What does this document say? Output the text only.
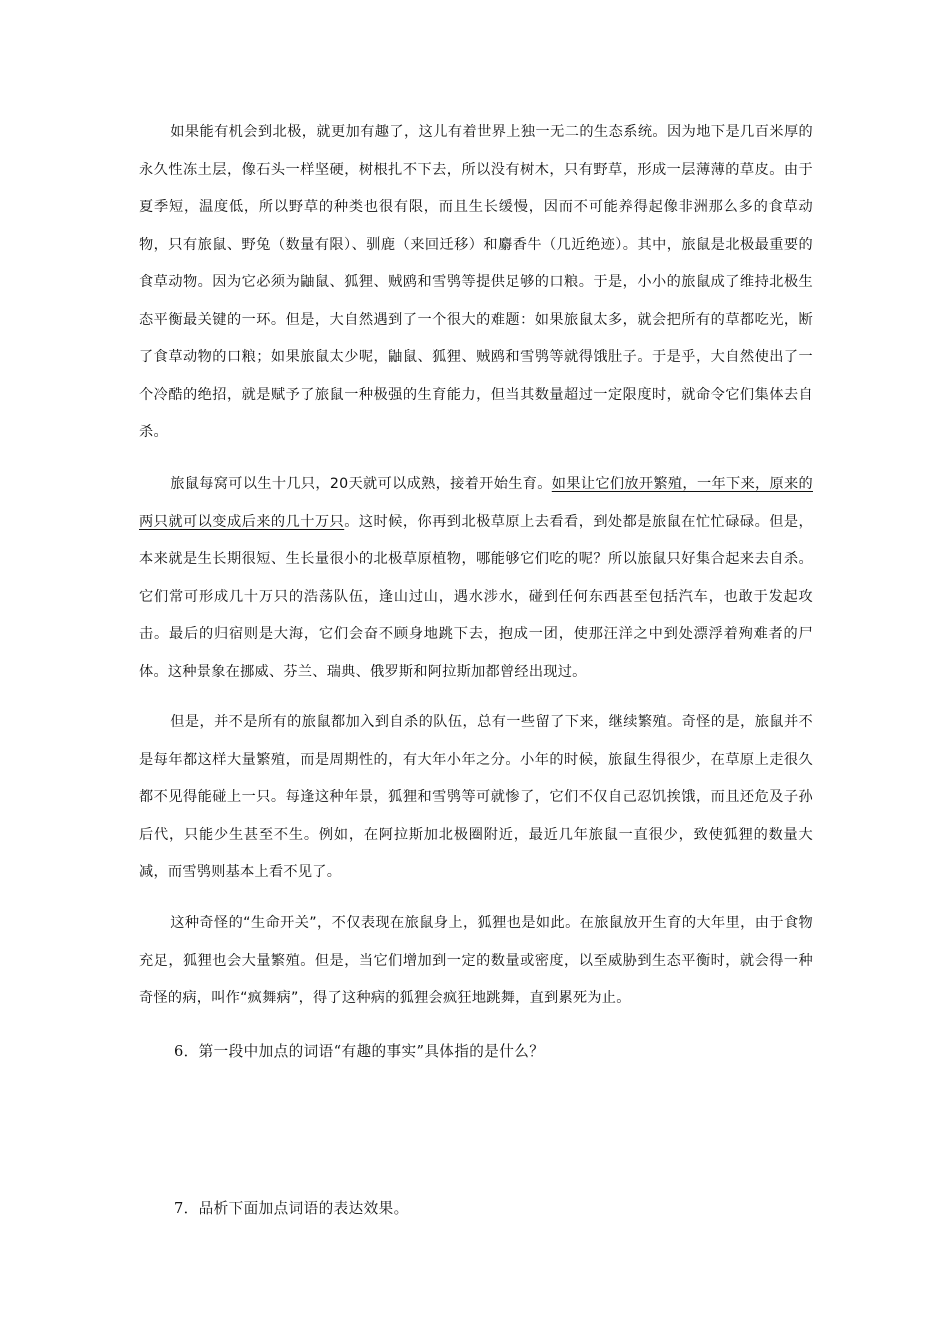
如果能有机会到北极，就更加有趣了，这儿有着世界上独一无二的生态系统。因为地下是几百米厚的永久性冻土层，像石头一样坚硬，树根扎不下去，所以没有树木，只有野草，形成一层薄薄的草皮。由于夏季短，温度低，所以野草的种类也很有限，而且生长缓慢，因而不可能养得起像非洲那么多的食草动物，只有旅鼠、野兔（数量有限）、驯鹿（来回迁移）和麝香牛（几近绝迹）。其中，旅鼠是北极最重要的食草动物。因为它必须为鼬鼠、狐狸、贼鸥和雪鸮等提供足够的口粮。于是，小小的旅鼠成了维持北极生态平衡最关键的一环。但是，大自然遇到了一个很大的难题：如果旅鼠太多，就会把所有的草都吃光，断了食草动物的口粮；如果旅鼠太少呢，鼬鼠、狐狸、贼鸥和雪鸮等就得饿肚子。于是乎，大自然使出了一个冷酷的绝招，就是赋予了旅鼠一种极强的生育能力，但当其数量超过一定限度时，就命令它们集体去自杀。

旅鼠每窝可以生十几只，20天就可以成熟，接着开始生育。如果让它们放开繁殖，一年下来，原来的两只就可以变成后来的几十万只。这时候，你再到北极草原上去看看，到处都是旅鼠在忙忙碌碌。但是，本来就是生长期很短、生长量很小的北极草原植物，哪能够它们吃的呢？所以旅鼠只好集合起来去自杀。它们常可形成几十万只的浩荡队伍，逢山过山，遇水涉水，碰到任何东西甚至包括汽车，也敢于发起攻击。最后的归宿则是大海，它们会奋不顾身地跳下去，抱成一团，使那汪洋之中到处漂浮着殉难者的尸体。这种景象在挪威、芬兰、瑞典、俄罗斯和阿拉斯加都曾经出现过。

但是，并不是所有的旅鼠都加入到自杀的队伍，总有一些留了下来，继续繁殖。奇怪的是，旅鼠并不是每年都这样大量繁殖，而是周期性的，有大年小年之分。小年的时候，旅鼠生得很少，在草原上走很久都不见得能碰上一只。每逢这种年景，狐狸和雪鸮等可就惨了，它们不仅自己忍饥挨饿，而且还危及子孙后代，只能少生甚至不生。例如，在阿拉斯加北极圈附近，最近几年旅鼠一直很少，致使狐狸的数量大减，而雪鸮则基本上看不见了。

这种奇怪的“生命开关”，不仅表现在旅鼠身上，狐狸也是如此。在旅鼠放开生育的大年里，由于食物充足，狐狸也会大量繁殖。但是，当它们增加到一定的数量或密度，以至威胁到生态平衡时，就会得一种奇怪的病，叫作“疯舞病”，得了这种病的狐狸会疯狂地跳舞，直到累死为止。

6．第一段中加点的词语“有趣的事实”具体指的是什么？

7．品析下面加点词语的表达效果。
